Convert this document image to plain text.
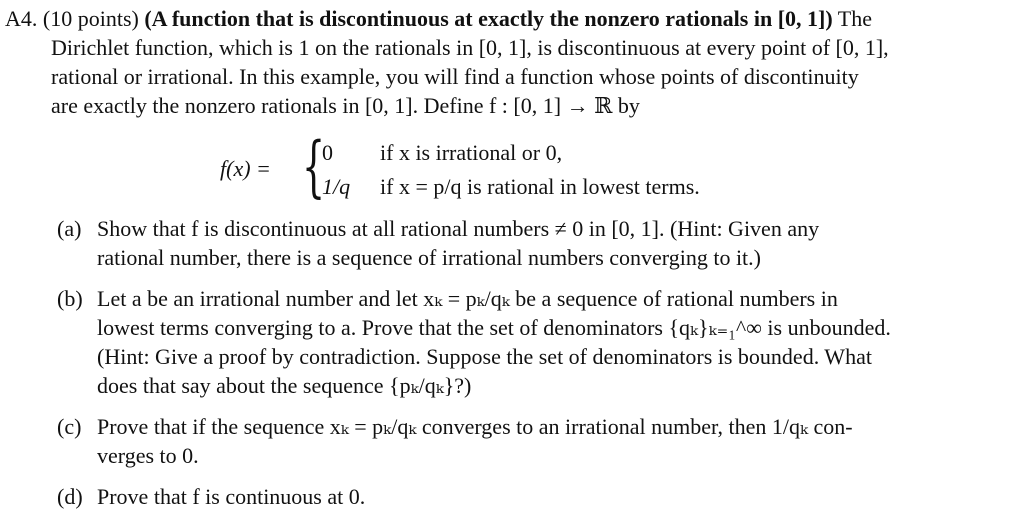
A4. (10 points) (A function that is discontinuous at exactly the nonzero rationals in [0, 1]) The
Dirichlet function, which is 1 on the rationals in [0, 1], is discontinuous at every point of [0, 1],
rational or irrational. In this example, you will find a function whose points of discontinuity
are exactly the nonzero rationals in [0, 1]. Define f : [0, 1] → ℝ by
f(x) = {
0 if x is irrational or 0,
1/q if x = p/q is rational in lowest terms.
(a) Show that f is discontinuous at all rational numbers ≠ 0 in [0, 1]. (Hint: Given any
rational number, there is a sequence of irrational numbers converging to it.)
(b) Let a be an irrational number and let xₖ = pₖ/qₖ be a sequence of rational numbers in
lowest terms converging to a. Prove that the set of denominators {qₖ}ₖ₌₁^∞ is unbounded.
(Hint: Give a proof by contradiction. Suppose the set of denominators is bounded. What
does that say about the sequence {pₖ/qₖ}?)
(c) Prove that if the sequence xₖ = pₖ/qₖ converges to an irrational number, then 1/qₖ con-
verges to 0.
(d) Prove that f is continuous at 0.
